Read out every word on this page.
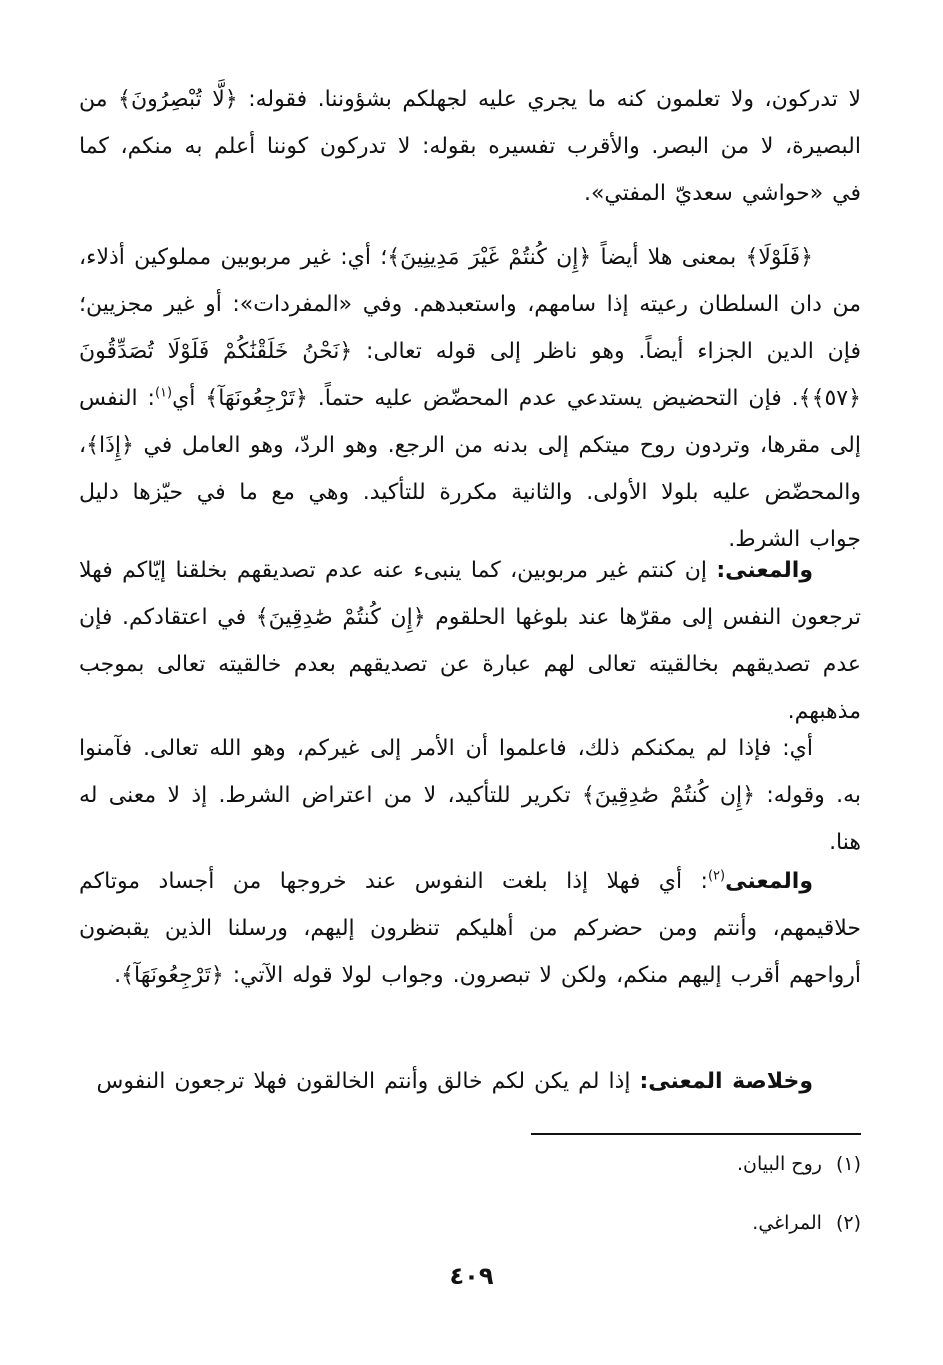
لا تدركون، ولا تعلمون كنه ما يجري عليه لجهلكم بشؤوننا. فقوله: ﴿لَّا تُبْصِرُونَ﴾ من البصيرة، لا من البصر. والأقرب تفسيره بقوله: لا تدركون كوننا أعلم به منكم، كما في «حواشي سعديّ المفتي».

﴿فَلَوْلَا﴾ بمعنى هلا أيضاً ﴿إِن كُنتُمْ غَيْرَ مَدِينِينَ﴾؛ أي: غير مربوبين مملوكين أذلاء، من دان السلطان رعيته إذا سامهم، واستعبدهم. وفي «المفردات»: أو غير مجزيين؛ فإن الدين الجزاء أيضاً. وهو ناظر إلى قوله تعالى: ﴿نَحْنُ خَلَقْنَٰكُمْ فَلَوْلَا تُصَدِّقُونَ ﴿٥٧﴾﴾. فإن التحضيض يستدعي عدم المحضّض عليه حتماً. ﴿تَرْجِعُونَهَآ﴾ أي$^{(١)}$: النفس إلى مقرها، وتردون روح ميتكم إلى بدنه من الرجع. وهو الردّ، وهو العامل في ﴿إِذَا﴾، والمحضّض عليه بلولا الأولى. والثانية مكررة للتأكيد. وهي مع ما في حيّزها دليل جواب الشرط.

والمعنى: إن كنتم غير مربوبين، كما ينبىء عنه عدم تصديقهم بخلقنا إيّاكم فهلا ترجعون النفس إلى مقرّها عند بلوغها الحلقوم ﴿إِن كُنتُمْ صَٰدِقِينَ﴾ في اعتقادكم. فإن عدم تصديقهم بخالقيته تعالى لهم عبارة عن تصديقهم بعدم خالقيته تعالى بموجب مذهبهم.

أي: فإذا لم يمكنكم ذلك، فاعلموا أن الأمر إلى غيركم، وهو الله تعالى. فآمنوا به. وقوله: ﴿إِن كُنتُمْ صَٰدِقِينَ﴾ تكرير للتأكيد، لا من اعتراض الشرط. إذ لا معنى له هنا.

والمعنى$^{(٢)}$: أي فهلا إذا بلغت النفوس عند خروجها من أجساد موتاكم حلاقيمهم، وأنتم ومن حضركم من أهليكم تنظرون إليهم، ورسلنا الذين يقبضون أرواحهم أقرب إليهم منكم، ولكن لا تبصرون. وجواب لولا قوله الآتي: ﴿تَرْجِعُونَهَآ﴾.

وخلاصة المعنى: إذا لم يكن لكم خالق وأنتم الخالقون فهلا ترجعون النفوس

(١)روح البيان.
(٢)المراغي.
٤٠٩
